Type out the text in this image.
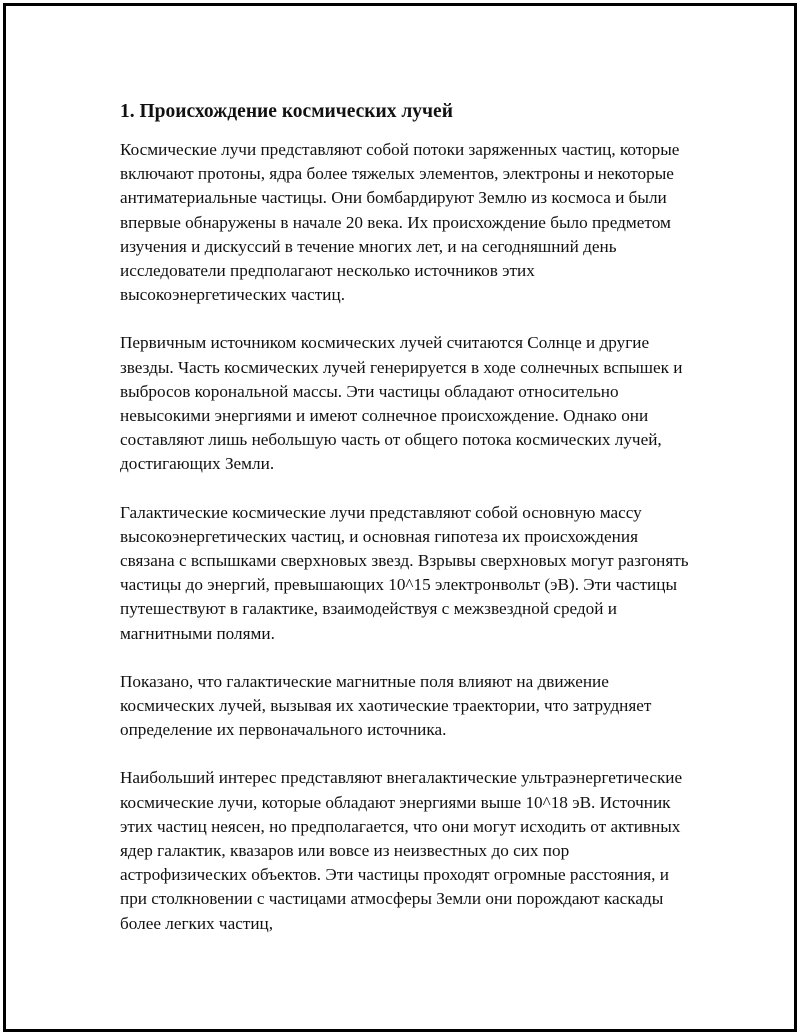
1. Происхождение космических лучей

Космические лучи представляют собой потоки заряженных частиц, которые включают протоны, ядра более тяжелых элементов, электроны и некоторые антиматериальные частицы. Они бомбардируют Землю из космоса и были впервые обнаружены в начале 20 века. Их происхождение было предметом изучения и дискуссий в течение многих лет, и на сегодняшний день исследователи предполагают несколько источников этих высокоэнергетических частиц.

Первичным источником космических лучей считаются Солнце и другие звезды. Часть космических лучей генерируется в ходе солнечных вспышек и выбросов корональной массы. Эти частицы обладают относительно невысокими энергиями и имеют солнечное происхождение. Однако они составляют лишь небольшую часть от общего потока космических лучей, достигающих Земли.

Галактические космические лучи представляют собой основную массу высокоэнергетических частиц, и основная гипотеза их происхождения связана с вспышками сверхновых звезд. Взрывы сверхновых могут разгонять частицы до энергий, превышающих 10^15 электронвольт (эВ). Эти частицы путешествуют в галактике, взаимодействуя с межзвездной средой и магнитными полями.

Показано, что галактические магнитные поля влияют на движение космических лучей, вызывая их хаотические траектории, что затрудняет определение их первоначального источника.

Наибольший интерес представляют внегалактические ультраэнергетические космические лучи, которые обладают энергиями выше 10^18 эВ. Источник этих частиц неясен, но предполагается, что они могут исходить от активных ядер галактик, квазаров или вовсе из неизвестных до сих пор астрофизических объектов. Эти частицы проходят огромные расстояния, и при столкновении с частицами атмосферы Земли они порождают каскады более легких частиц,
